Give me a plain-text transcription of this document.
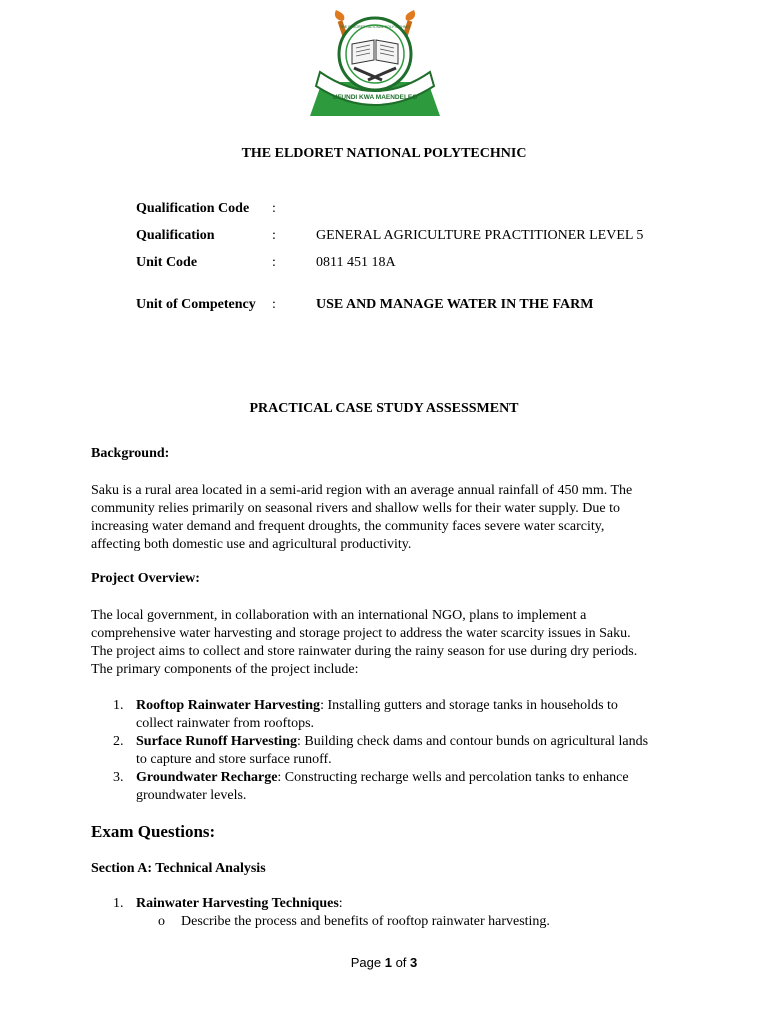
UFUNDI KWA MAENDELEO
THE ELDORET NATIONAL POLYTECHNIC
THE ELDORET NATIONAL POLYTECHNIC
Qualification Code :
Qualification	:	GENERAL AGRICULTURE PRACTITIONER LEVEL 5
Unit Code	:	0811 451 18A
Unit of Competency :	USE AND MANAGE WATER IN THE FARM
PRACTICAL CASE STUDY ASSESSMENT
Background:
Saku is a rural area located in a semi-arid region with an average annual rainfall of 450 mm. The
community relies primarily on seasonal rivers and shallow wells for their water supply. Due to
increasing water demand and frequent droughts, the community faces severe water scarcity,
affecting both domestic use and agricultural productivity.
Project Overview:
The local government, in collaboration with an international NGO, plans to implement a
comprehensive water harvesting and storage project to address the water scarcity issues in Saku.
The project aims to collect and store rainwater during the rainy season for use during dry periods.
The primary components of the project include:
1. Rooftop Rainwater Harvesting: Installing gutters and storage tanks in households to
collect rainwater from rooftops.
2. Surface Runoff Harvesting: Building check dams and contour bunds on agricultural lands
to capture and store surface runoff.
3. Groundwater Recharge: Constructing recharge wells and percolation tanks to enhance
groundwater levels.
Exam Questions:
Section A: Technical Analysis
1. Rainwater Harvesting Techniques:
o Describe the process and benefits of rooftop rainwater harvesting.
Page 1 of 3
